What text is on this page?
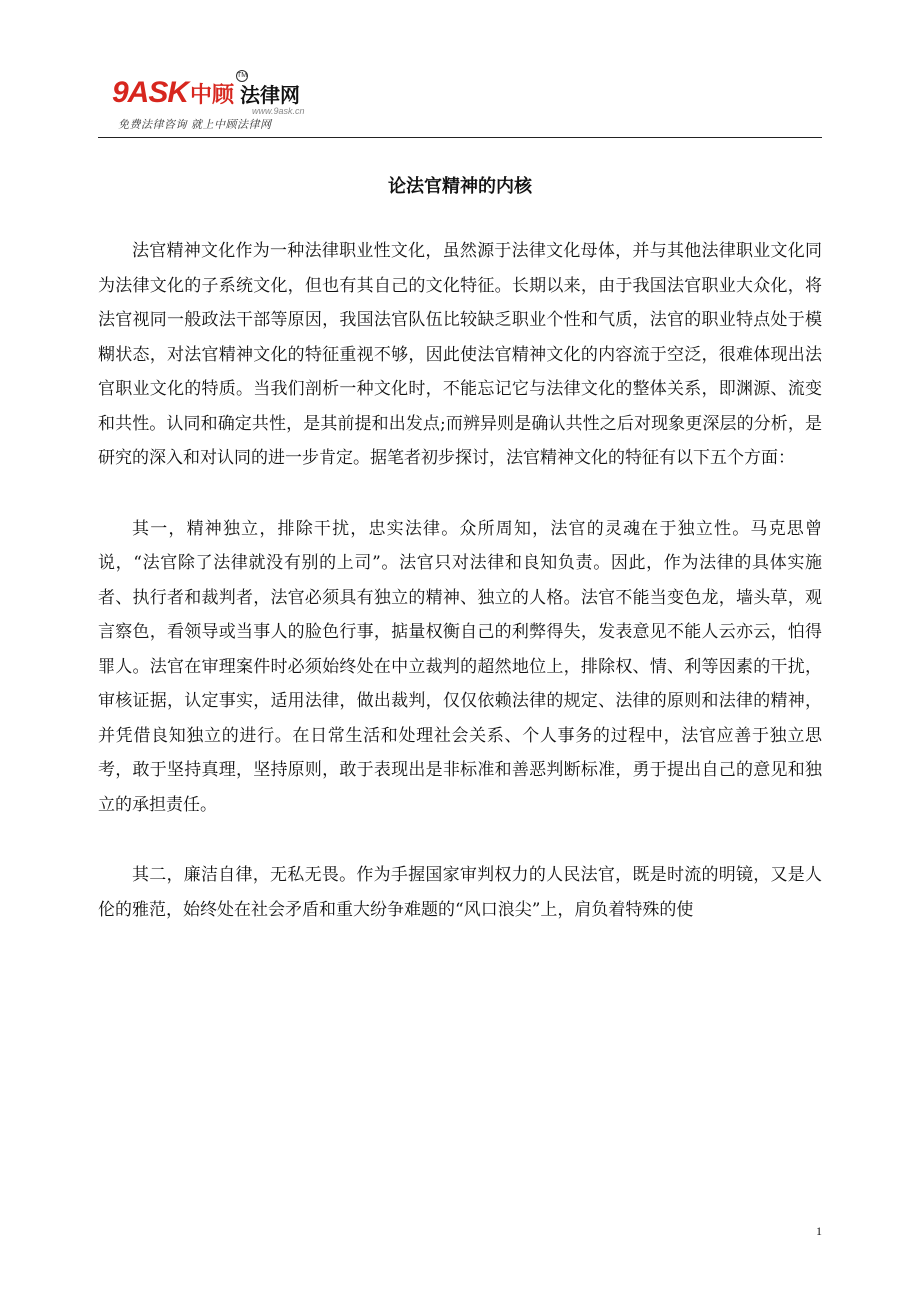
9ASK 中顾
TM
法律网
www.9ask.cn
免费法律咨询 就上中顾法律网
论法官精神的内核

法官精神文化作为一种法律职业性文化，虽然源于法律文化母体，并与其他法律职业文化同为法律文化的子系统文化，但也有其自己的文化特征。长期以来，由于我国法官职业大众化，将法官视同一般政法干部等原因，我国法官队伍比较缺乏职业个性和气质，法官的职业特点处于模糊状态，对法官精神文化的特征重视不够，因此使法官精神文化的内容流于空泛，很难体现出法官职业文化的特质。当我们剖析一种文化时，不能忘记它与法律文化的整体关系，即渊源、流变和共性。认同和确定共性，是其前提和出发点;而辨异则是确认共性之后对现象更深层的分析，是研究的深入和对认同的进一步肯定。据笔者初步探讨，法官精神文化的特征有以下五个方面：

其一，精神独立，排除干扰，忠实法律。众所周知，法官的灵魂在于独立性。马克思曾说，“法官除了法律就没有别的上司”。法官只对法律和良知负责。因此，作为法律的具体实施者、执行者和裁判者，法官必须具有独立的精神、独立的人格。法官不能当变色龙，墙头草，观言察色，看领导或当事人的脸色行事，掂量权衡自己的利弊得失，发表意见不能人云亦云，怕得罪人。法官在审理案件时必须始终处在中立裁判的超然地位上，排除权、情、利等因素的干扰，审核证据，认定事实，适用法律，做出裁判，仅仅依赖法律的规定、法律的原则和法律的精神，并凭借良知独立的进行。在日常生活和处理社会关系、个人事务的过程中，法官应善于独立思考，敢于坚持真理，坚持原则，敢于表现出是非标准和善恶判断标准，勇于提出自己的意见和独立的承担责任。

其二，廉洁自律，无私无畏。作为手握国家审判权力的人民法官，既是时流的明镜，又是人伦的雅范，始终处在社会矛盾和重大纷争难题的“风口浪尖”上，肩负着特殊的使

1
